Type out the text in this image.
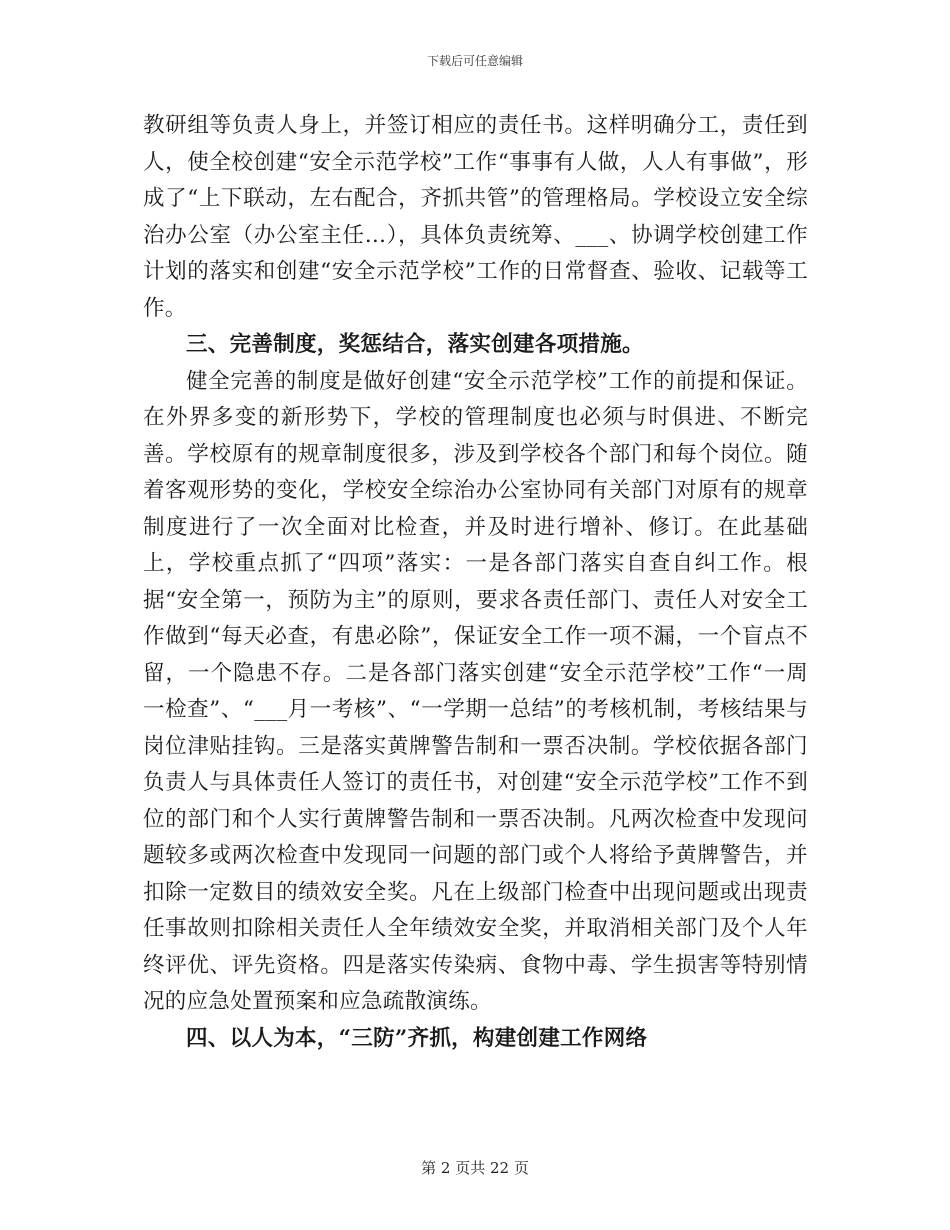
下载后可任意编辑

教研组等负责人身上，并签订相应的责任书。这样明确分工，责任到人，使全校创建“安全示范学校”工作“事事有人做，人人有事做”，形成了“上下联动，左右配合，齐抓共管”的管理格局。学校设立安全综治办公室（办公室主任…），具体负责统筹、___、协调学校创建工作计划的落实和创建“安全示范学校”工作的日常督查、验收、记载等工作。

三、完善制度，奖惩结合，落实创建各项措施。

健全完善的制度是做好创建“安全示范学校”工作的前提和保证。在外界多变的新形势下，学校的管理制度也必须与时俱进、不断完善。学校原有的规章制度很多，涉及到学校各个部门和每个岗位。随着客观形势的变化，学校安全综治办公室协同有关部门对原有的规章制度进行了一次全面对比检查，并及时进行增补、修订。在此基础上，学校重点抓了“四项”落实：一是各部门落实自查自纠工作。根据“安全第一，预防为主”的原则，要求各责任部门、责任人对安全工作做到“每天必查，有患必除”，保证安全工作一项不漏，一个盲点不留，一个隐患不存。二是各部门落实创建“安全示范学校”工作“一周一检查”、“___月一考核”、“一学期一总结”的考核机制，考核结果与岗位津贴挂钩。三是落实黄牌警告制和一票否决制。学校依据各部门负责人与具体责任人签订的责任书，对创建“安全示范学校”工作不到位的部门和个人实行黄牌警告制和一票否决制。凡两次检查中发现问题较多或两次检查中发现同一问题的部门或个人将给予黄牌警告，并扣除一定数目的绩效安全奖。凡在上级部门检查中出现问题或出现责任事故则扣除相关责任人全年绩效安全奖，并取消相关部门及个人年终评优、评先资格。四是落实传染病、食物中毒、学生损害等特别情况的应急处置预案和应急疏散演练。

四、以人为本，“三防”齐抓，构建创建工作网络

第 2 页共 22 页
